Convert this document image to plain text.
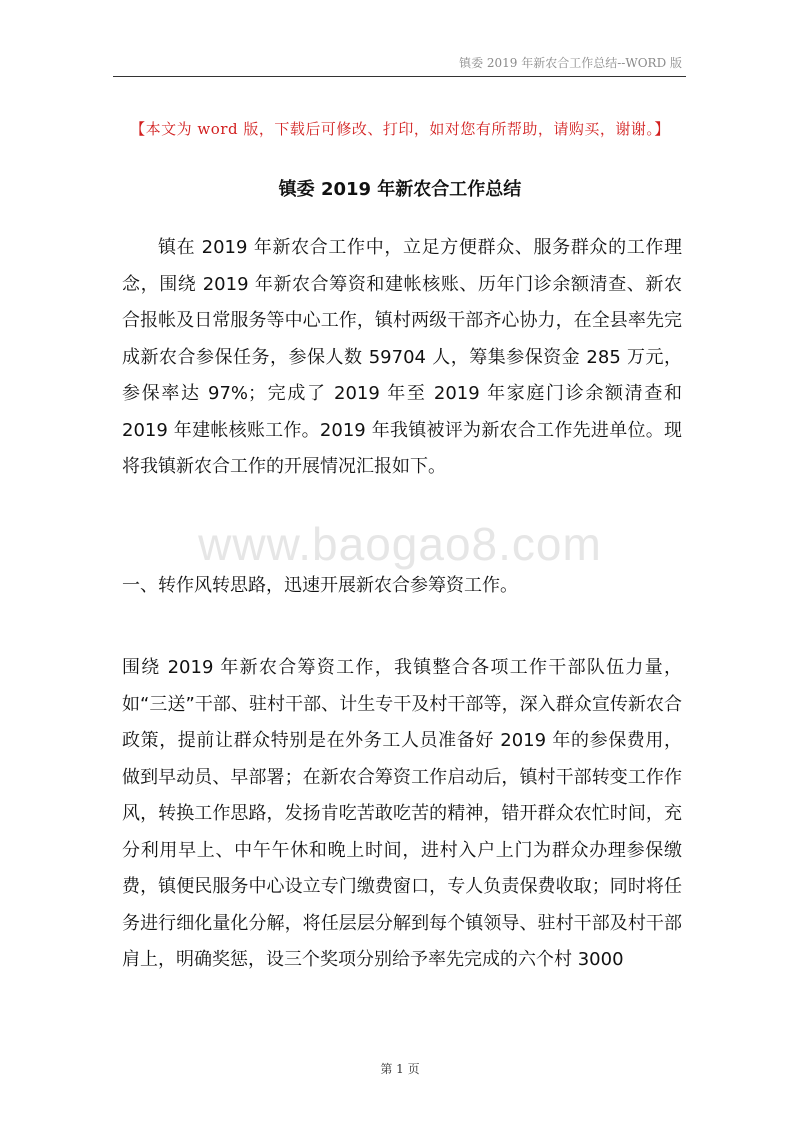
镇委 2019 年新农合工作总结--WORD 版
【本文为 word 版，下载后可修改、打印，如对您有所帮助，请购买，谢谢。】
镇委 2019 年新农合工作总结
镇在 2019 年新农合工作中，立足方便群众、服务群众的工作理念，围绕 2019 年新农合筹资和建帐核账、历年门诊余额清查、新农合报帐及日常服务等中心工作，镇村两级干部齐心协力，在全县率先完成新农合参保任务，参保人数 59704 人，筹集参保资金 285 万元，参保率达 97%；完成了 2019 年至 2019 年家庭门诊余额清查和 2019 年建帐核账工作。2019 年我镇被评为新农合工作先进单位。现将我镇新农合工作的开展情况汇报如下。
www.baogao8.com
一、转作风转思路，迅速开展新农合参筹资工作。
围绕 2019 年新农合筹资工作，我镇整合各项工作干部队伍力量，如“三送”干部、驻村干部、计生专干及村干部等，深入群众宣传新农合政策，提前让群众特别是在外务工人员准备好 2019 年的参保费用，做到早动员、早部署；在新农合筹资工作启动后，镇村干部转变工作作风，转换工作思路，发扬肯吃苦敢吃苦的精神，错开群众农忙时间，充分利用早上、中午午休和晚上时间，进村入户上门为群众办理参保缴费，镇便民服务中心设立专门缴费窗口，专人负责保费收取；同时将任务进行细化量化分解，将任层层分解到每个镇领导、驻村干部及村干部肩上，明确奖惩，设三个奖项分别给予率先完成的六个村 3000
第 1 页
